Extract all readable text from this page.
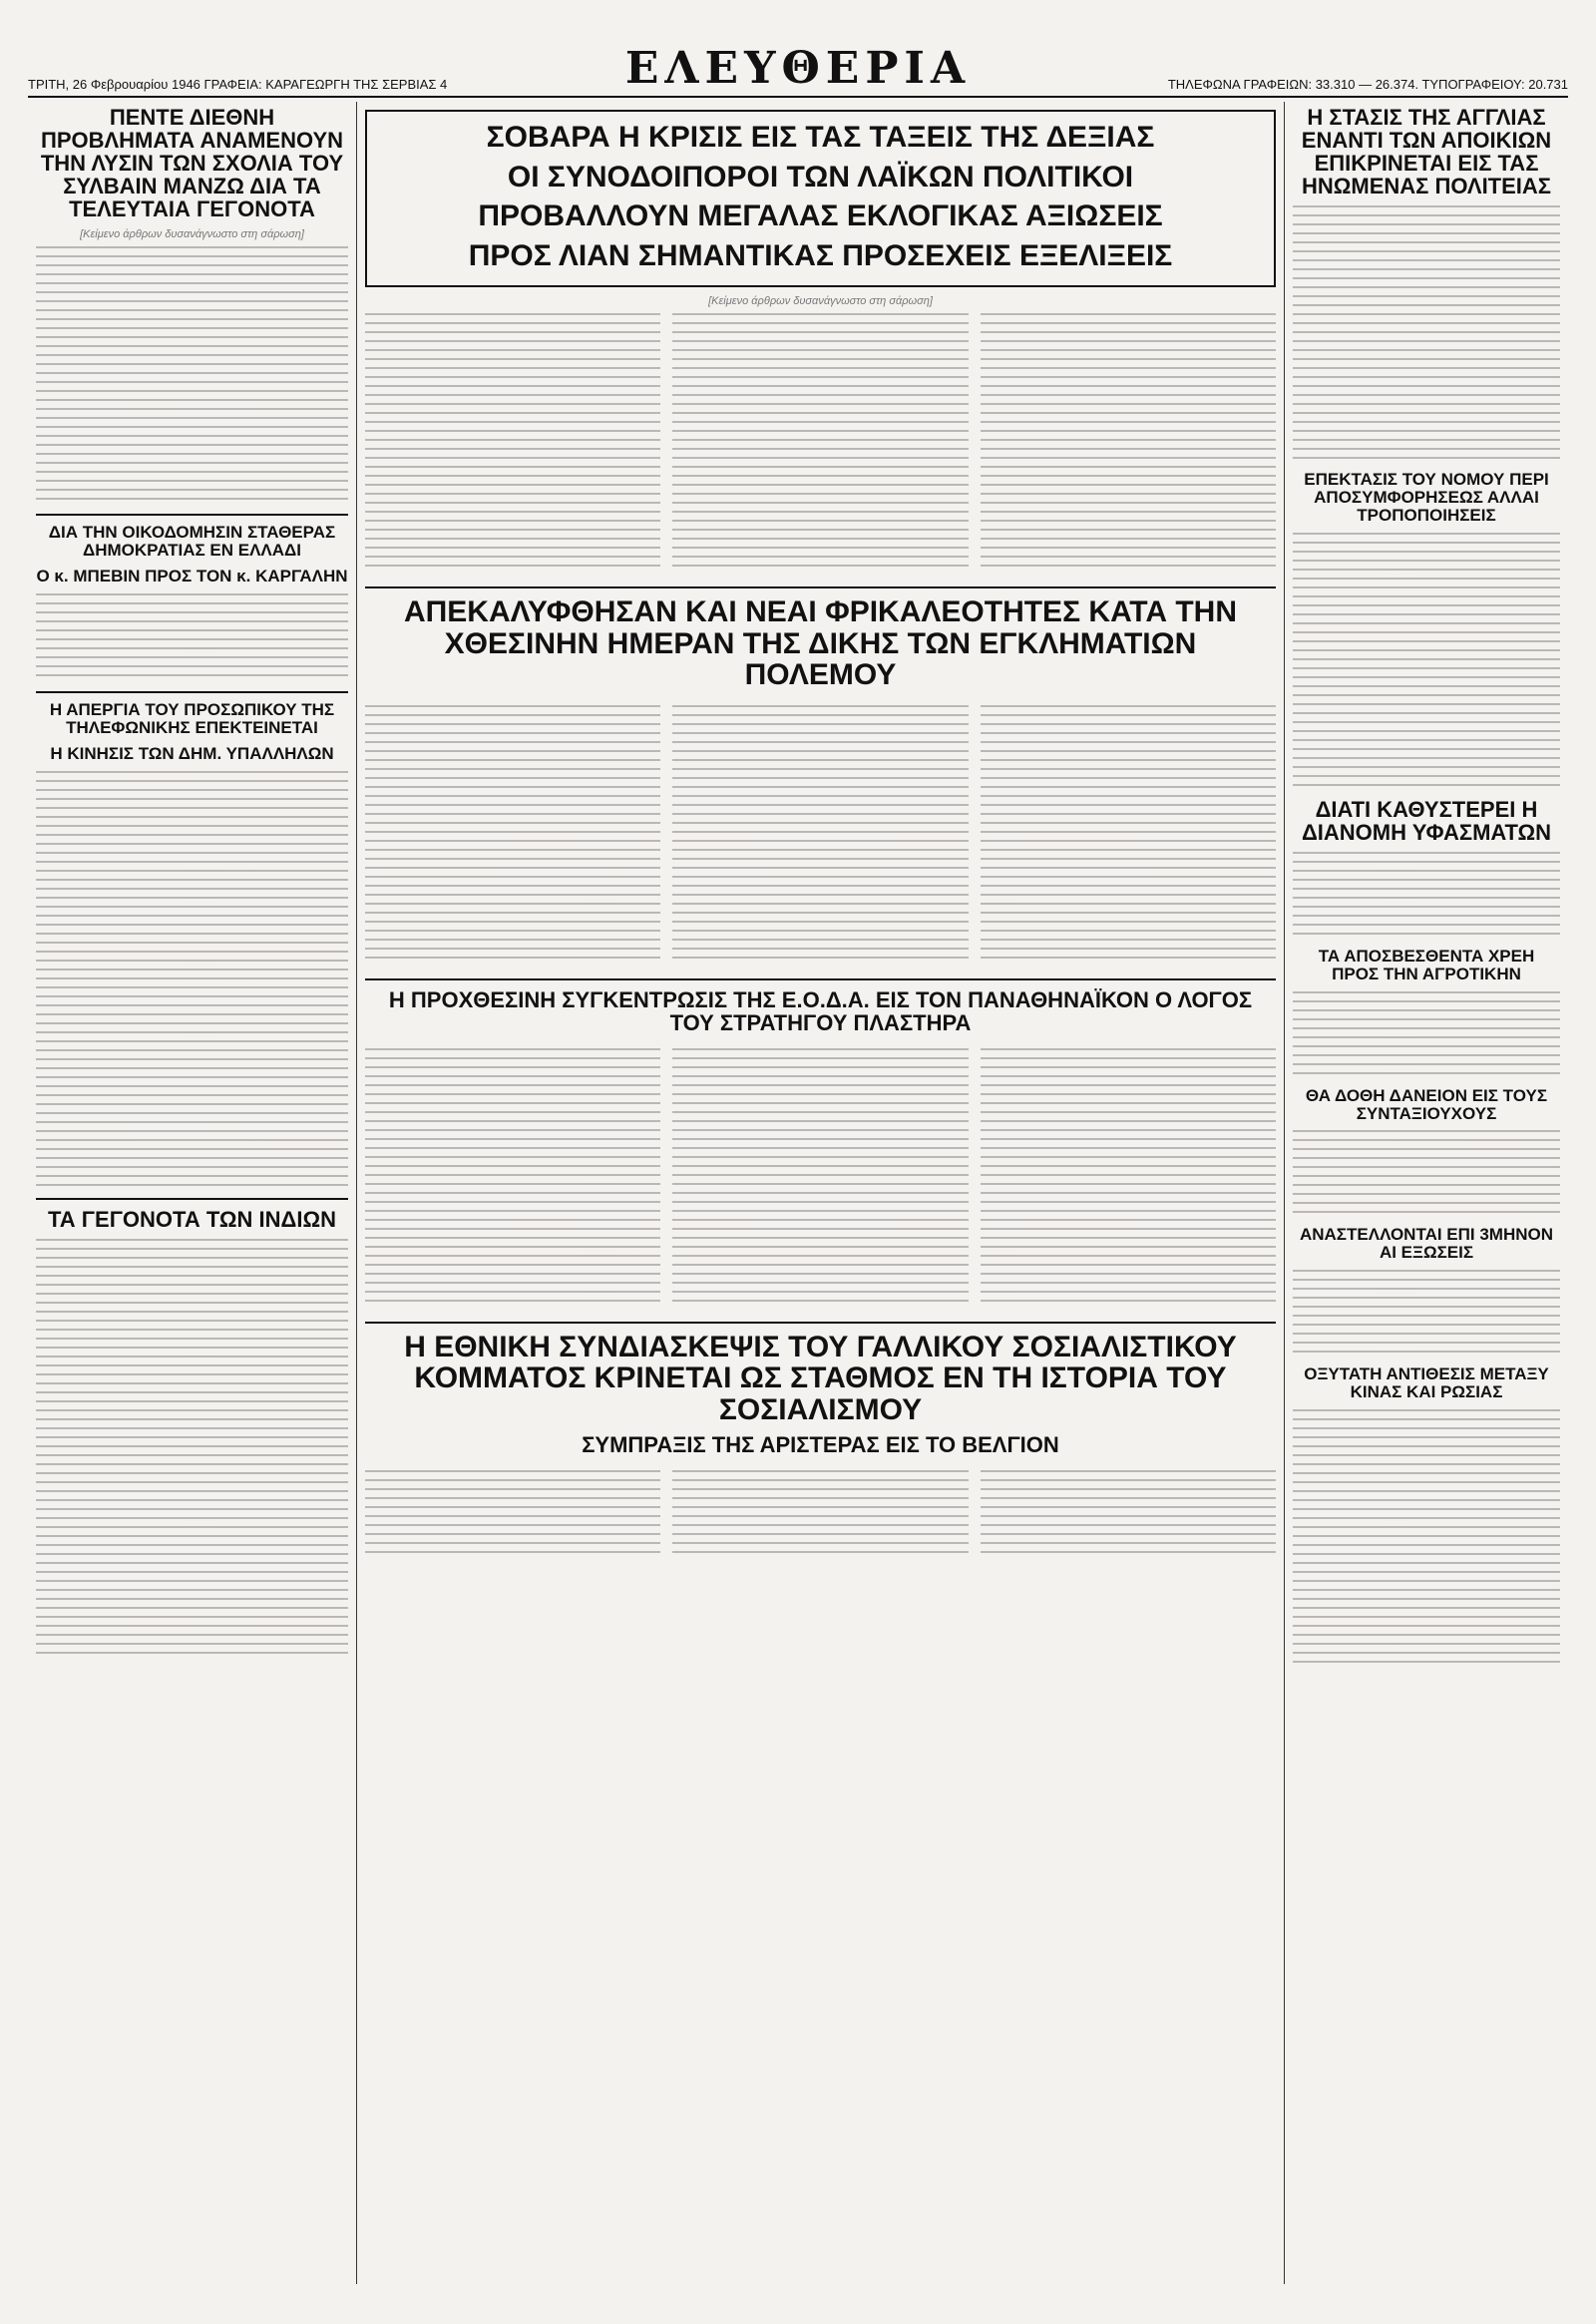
ΤΡΙΤΗ, 26 Φεβρουαρίου 1946 ΓΡΑΦΕΙΑ: ΚΑΡΑΓΕΩΡΓΗ ΤΗΣ ΣΕΡΒΙΑΣ 4	ΕΛΕΥΘΕΡΙΑ	ΤΗΛΕΦΩΝΑ ΓΡΑΦΕΙΩΝ: 33.310 — 26.374. ΤΥΠΟΓΡΑΦΕΙΟΥ: 20.731
ΠΕΝΤΕ ΔΙΕΘΝΗ ΠΡΟΒΛΗΜΑΤΑ ΑΝΑΜΕΝΟΥΝ ΤΗΝ ΛΥΣΙΝ ΤΩΝ ΣΧΟΛΙΑ ΤΟΥ ΣΥΛΒΑΙΝ ΜΑΝΖΩ ΔΙΑ ΤΑ ΤΕΛΕΥΤΑΙΑ ΓΕΓΟΝΟΤΑ
[Κείμενο άρθρων δυσανάγνωστο στη σάρωση]
ΔΙΑ ΤΗΝ ΟΙΚΟΔΟΜΗΣΙΝ ΣΤΑΘΕΡΑΣ ΔΗΜΟΚΡΑΤΙΑΣ ΕΝ ΕΛΛΑΔΙ
Ο κ. ΜΠΕΒΙΝ ΠΡΟΣ ΤΟΝ κ. ΚΑΡΓΑΛΗΝ
Η ΑΠΕΡΓΙΑ ΤΟΥ ΠΡΟΣΩΠΙΚΟΥ ΤΗΣ ΤΗΛΕΦΩΝΙΚΗΣ ΕΠΕΚΤΕΙΝΕΤΑΙ
Η ΚΙΝΗΣΙΣ ΤΩΝ ΔΗΜ. ΥΠΑΛΛΗΛΩΝ
ΤΑ ΓΕΓΟΝΟΤΑ ΤΩΝ ΙΝΔΙΩΝ
ΣΟΒΑΡΑ Η ΚΡΙΣΙΣ ΕΙΣ ΤΑΣ ΤΑΞΕΙΣ ΤΗΣ ΔΕΞΙΑΣ
ΟΙ ΣΥΝΟΔΟΙΠΟΡΟΙ ΤΩΝ ΛΑΪΚΩΝ ΠΟΛΙΤΙΚΟΙ
ΠΡΟΒΑΛΛΟΥΝ ΜΕΓΑΛΑΣ ΕΚΛΟΓΙΚΑΣ ΑΞΙΩΣΕΙΣ
ΠΡΟΣ ΛΙΑΝ ΣΗΜΑΝΤΙΚΑΣ ΠΡΟΣΕΧΕΙΣ ΕΞΕΛΙΞΕΙΣ
[Κείμενο άρθρων δυσανάγνωστο στη σάρωση]
ΑΠΕΚΑΛΥΦΘΗΣΑΝ ΚΑΙ ΝΕΑΙ ΦΡΙΚΑΛΕΟΤΗΤΕΣ ΚΑΤΑ ΤΗΝ ΧΘΕΣΙΝΗΝ ΗΜΕΡΑΝ ΤΗΣ ΔΙΚΗΣ ΤΩΝ ΕΓΚΛΗΜΑΤΙΩΝ ΠΟΛΕΜΟΥ
Η ΠΡΟΧΘΕΣΙΝΗ ΣΥΓΚΕΝΤΡΩΣΙΣ ΤΗΣ Ε.Ο.Δ.Α. ΕΙΣ ΤΟΝ ΠΑΝΑΘΗΝΑΪΚΟΝ Ο ΛΟΓΟΣ ΤΟΥ ΣΤΡΑΤΗΓΟΥ ΠΛΑΣΤΗΡΑ
Η ΕΘΝΙΚΗ ΣΥΝΔΙΑΣΚΕΨΙΣ ΤΟΥ ΓΑΛΛΙΚΟΥ ΣΟΣΙΑΛΙΣΤΙΚΟΥ ΚΟΜΜΑΤΟΣ ΚΡΙΝΕΤΑΙ ΩΣ ΣΤΑΘΜΟΣ ΕΝ ΤΗ ΙΣΤΟΡΙΑ ΤΟΥ ΣΟΣΙΑΛΙΣΜΟΥ
ΣΥΜΠΡΑΞΙΣ ΤΗΣ ΑΡΙΣΤΕΡΑΣ ΕΙΣ ΤΟ ΒΕΛΓΙΟΝ
Η ΣΤΑΣΙΣ ΤΗΣ ΑΓΓΛΙΑΣ ΕΝΑΝΤΙ ΤΩΝ ΑΠΟΙΚΙΩΝ ΕΠΙΚΡΙΝΕΤΑΙ ΕΙΣ ΤΑΣ ΗΝΩΜΕΝΑΣ ΠΟΛΙΤΕΙΑΣ
ΕΠΕΚΤΑΣΙΣ ΤΟΥ ΝΟΜΟΥ ΠΕΡΙ ΑΠΟΣΥΜΦΟΡΗΣΕΩΣ ΑΛΛΑΙ ΤΡΟΠΟΠΟΙΗΣΕΙΣ
ΔΙΑΤΙ ΚΑΘΥΣΤΕΡΕΙ Η ΔΙΑΝΟΜΗ ΥΦΑΣΜΑΤΩΝ
ΤΑ ΑΠΟΣΒΕΣΘΕΝΤΑ ΧΡΕΗ ΠΡΟΣ ΤΗΝ ΑΓΡΟΤΙΚΗΝ
ΘΑ ΔΟΘΗ ΔΑΝΕΙΟΝ ΕΙΣ ΤΟΥΣ ΣΥΝΤΑΞΙΟΥΧΟΥΣ
ΑΝΑΣΤΕΛΛΟΝΤΑΙ ΕΠΙ 3ΜΗΝΟΝ ΑΙ ΕΞΩΣΕΙΣ
ΟΞΥΤΑΤΗ ΑΝΤΙΘΕΣΙΣ ΜΕΤΑΞΥ ΚΙΝΑΣ ΚΑΙ ΡΩΣΙΑΣ
